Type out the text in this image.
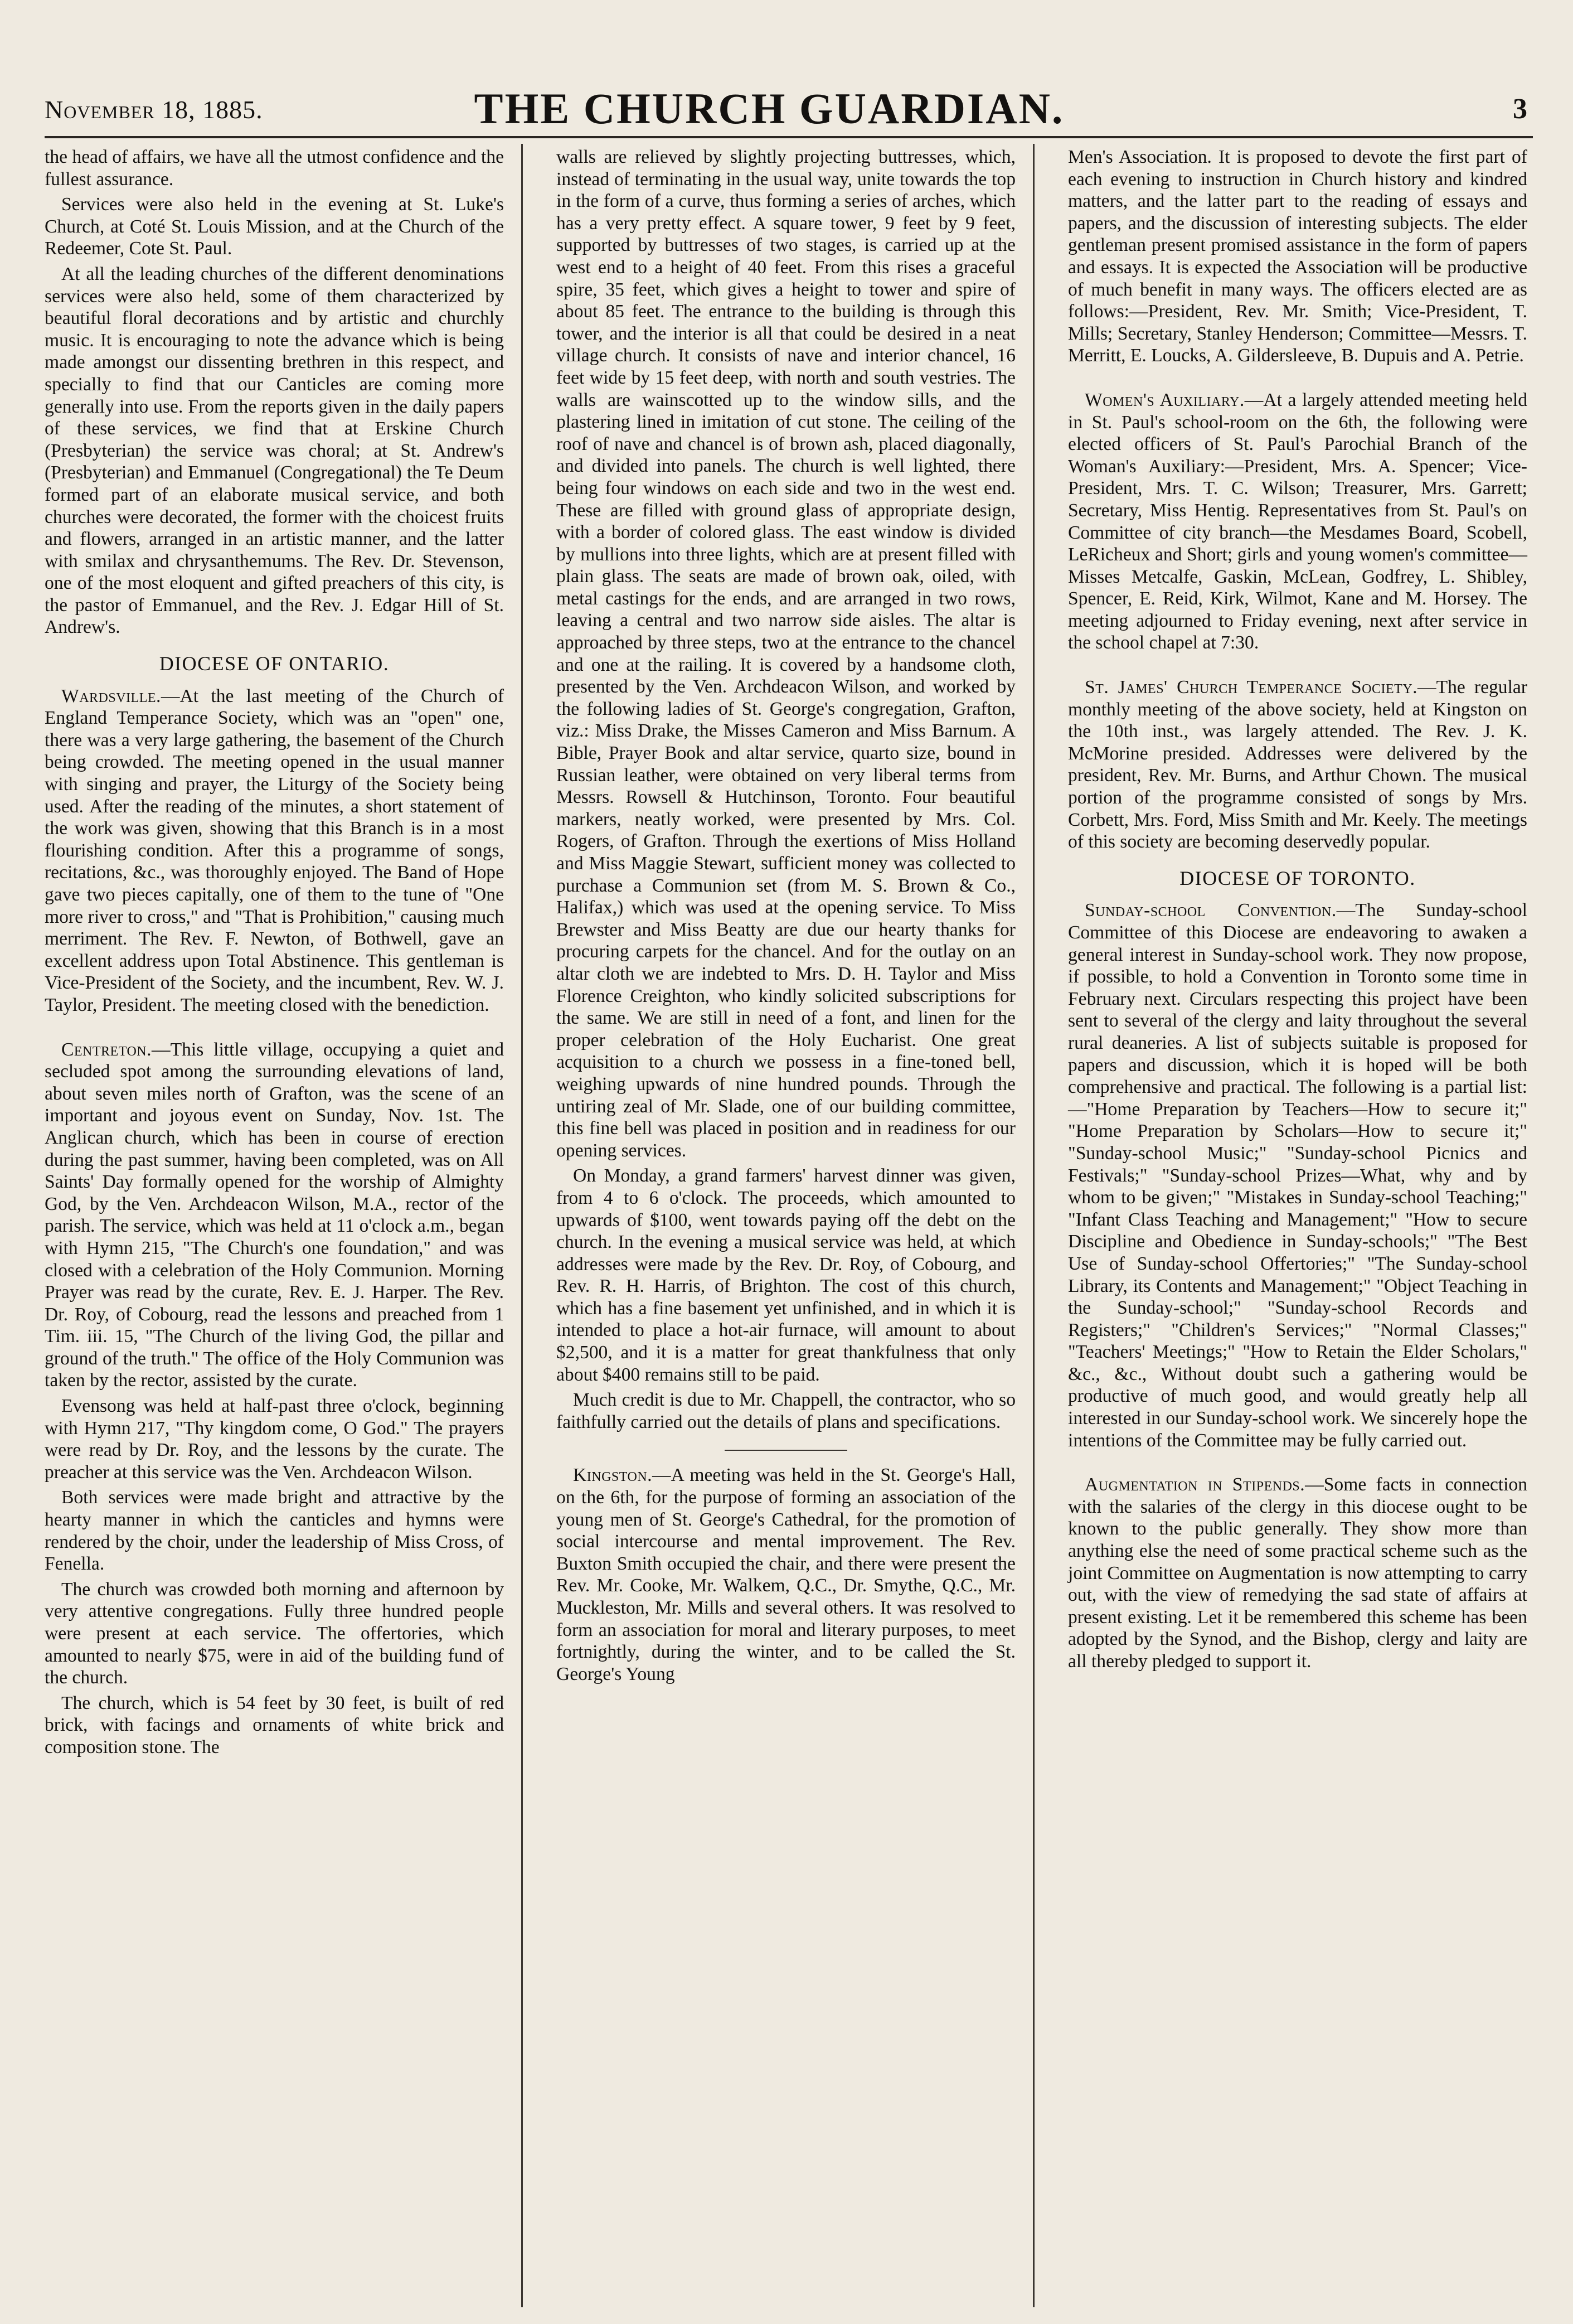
November 18, 1885.	THE CHURCH GUARDIAN.	3

the head of affairs, we have all the utmost confidence and the fullest assurance.

Services were also held in the evening at St. Luke's Church, at Coté St. Louis Mission, and at the Church of the Redeemer, Cote St. Paul.

At all the leading churches of the different denominations services were also held, some of them characterized by beautiful floral decorations and by artistic and churchly music. It is encouraging to note the advance which is being made amongst our dissenting brethren in this respect, and specially to find that our Canticles are coming more generally into use. From the reports given in the daily papers of these services, we find that at Erskine Church (Presbyterian) the service was choral; at St. Andrew's (Presbyterian) and Emmanuel (Congregational) the Te Deum formed part of an elaborate musical service, and both churches were decorated, the former with the choicest fruits and flowers, arranged in an artistic manner, and the latter with smilax and chrysanthemums. The Rev. Dr. Stevenson, one of the most eloquent and gifted preachers of this city, is the pastor of Emmanuel, and the Rev. J. Edgar Hill of St. Andrew's.

DIOCESE OF ONTARIO.

Wardsville.—At the last meeting of the Church of England Temperance Society, which was an "open" one, there was a very large gathering, the basement of the Church being crowded. The meeting opened in the usual manner with singing and prayer, the Liturgy of the Society being used. After the reading of the minutes, a short statement of the work was given, showing that this Branch is in a most flourishing condition. After this a programme of songs, recitations, &c., was thoroughly enjoyed. The Band of Hope gave two pieces capitally, one of them to the tune of "One more river to cross," and "That is Prohibition," causing much merriment. The Rev. F. Newton, of Bothwell, gave an excellent address upon Total Abstinence. This gentleman is Vice-President of the Society, and the incumbent, Rev. W. J. Taylor, President. The meeting closed with the benediction.

Centreton.—This little village, occupying a quiet and secluded spot among the surrounding elevations of land, about seven miles north of Grafton, was the scene of an important and joyous event on Sunday, Nov. 1st. The Anglican church, which has been in course of erection during the past summer, having been completed, was on All Saints' Day formally opened for the worship of Almighty God, by the Ven. Archdeacon Wilson, M.A., rector of the parish. The service, which was held at 11 o'clock a.m., began with Hymn 215, "The Church's one foundation," and was closed with a celebration of the Holy Communion. Morning Prayer was read by the curate, Rev. E. J. Harper. The Rev. Dr. Roy, of Cobourg, read the lessons and preached from 1 Tim. iii. 15, "The Church of the living God, the pillar and ground of the truth." The office of the Holy Communion was taken by the rector, assisted by the curate.

Evensong was held at half-past three o'clock, beginning with Hymn 217, "Thy kingdom come, O God." The prayers were read by Dr. Roy, and the lessons by the curate. The preacher at this service was the Ven. Archdeacon Wilson.

Both services were made bright and attractive by the hearty manner in which the canticles and hymns were rendered by the choir, under the leadership of Miss Cross, of Fenella.

The church was crowded both morning and afternoon by very attentive congregations. Fully three hundred people were present at each service. The offertories, which amounted to nearly $75, were in aid of the building fund of the church.

The church, which is 54 feet by 30 feet, is built of red brick, with facings and ornaments of white brick and composition stone. The

walls are relieved by slightly projecting buttresses, which, instead of terminating in the usual way, unite towards the top in the form of a curve, thus forming a series of arches, which has a very pretty effect. A square tower, 9 feet by 9 feet, supported by buttresses of two stages, is carried up at the west end to a height of 40 feet. From this rises a graceful spire, 35 feet, which gives a height to tower and spire of about 85 feet. The entrance to the building is through this tower, and the interior is all that could be desired in a neat village church. It consists of nave and interior chancel, 16 feet wide by 15 feet deep, with north and south vestries. The walls are wainscotted up to the window sills, and the plastering lined in imitation of cut stone. The ceiling of the roof of nave and chancel is of brown ash, placed diagonally, and divided into panels. The church is well lighted, there being four windows on each side and two in the west end. These are filled with ground glass of appropriate design, with a border of colored glass. The east window is divided by mullions into three lights, which are at present filled with plain glass. The seats are made of brown oak, oiled, with metal castings for the ends, and are arranged in two rows, leaving a central and two narrow side aisles. The altar is approached by three steps, two at the entrance to the chancel and one at the railing. It is covered by a handsome cloth, presented by the Ven. Archdeacon Wilson, and worked by the following ladies of St. George's congregation, Grafton, viz.: Miss Drake, the Misses Cameron and Miss Barnum. A Bible, Prayer Book and altar service, quarto size, bound in Russian leather, were obtained on very liberal terms from Messrs. Rowsell & Hutchinson, Toronto. Four beautiful markers, neatly worked, were presented by Mrs. Col. Rogers, of Grafton. Through the exertions of Miss Holland and Miss Maggie Stewart, sufficient money was collected to purchase a Communion set (from M. S. Brown & Co., Halifax,) which was used at the opening service. To Miss Brewster and Miss Beatty are due our hearty thanks for procuring carpets for the chancel. And for the outlay on an altar cloth we are indebted to Mrs. D. H. Taylor and Miss Florence Creighton, who kindly solicited subscriptions for the same. We are still in need of a font, and linen for the proper celebration of the Holy Eucharist. One great acquisition to a church we possess in a fine-toned bell, weighing upwards of nine hundred pounds. Through the untiring zeal of Mr. Slade, one of our building committee, this fine bell was placed in position and in readiness for our opening services.

On Monday, a grand farmers' harvest dinner was given, from 4 to 6 o'clock. The proceeds, which amounted to upwards of $100, went towards paying off the debt on the church. In the evening a musical service was held, at which addresses were made by the Rev. Dr. Roy, of Cobourg, and Rev. R. H. Harris, of Brighton. The cost of this church, which has a fine basement yet unfinished, and in which it is intended to place a hot-air furnace, will amount to about $2,500, and it is a matter for great thankfulness that only about $400 remains still to be paid.

Much credit is due to Mr. Chappell, the contractor, who so faithfully carried out the details of plans and specifications.

Kingston.—A meeting was held in the St. George's Hall, on the 6th, for the purpose of forming an association of the young men of St. George's Cathedral, for the promotion of social intercourse and mental improvement. The Rev. Buxton Smith occupied the chair, and there were present the Rev. Mr. Cooke, Mr. Walkem, Q.C., Dr. Smythe, Q.C., Mr. Muckleston, Mr. Mills and several others. It was resolved to form an association for moral and literary purposes, to meet fortnightly, during the winter, and to be called the St. George's Young

Men's Association. It is proposed to devote the first part of each evening to instruction in Church history and kindred matters, and the latter part to the reading of essays and papers, and the discussion of interesting subjects. The elder gentleman present promised assistance in the form of papers and essays. It is expected the Association will be productive of much benefit in many ways. The officers elected are as follows:—President, Rev. Mr. Smith; Vice-President, T. Mills; Secretary, Stanley Henderson; Committee—Messrs. T. Merritt, E. Loucks, A. Gildersleeve, B. Dupuis and A. Petrie.

Women's Auxiliary.—At a largely attended meeting held in St. Paul's school-room on the 6th, the following were elected officers of St. Paul's Parochial Branch of the Woman's Auxiliary:—President, Mrs. A. Spencer; Vice-President, Mrs. T. C. Wilson; Treasurer, Mrs. Garrett; Secretary, Miss Hentig. Representatives from St. Paul's on Committee of city branch—the Mesdames Board, Scobell, LeRicheux and Short; girls and young women's committee—Misses Metcalfe, Gaskin, McLean, Godfrey, L. Shibley, Spencer, E. Reid, Kirk, Wilmot, Kane and M. Horsey. The meeting adjourned to Friday evening, next after service in the school chapel at 7:30.

St. James' Church Temperance Society.—The regular monthly meeting of the above society, held at Kingston on the 10th inst., was largely attended. The Rev. J. K. McMorine presided. Addresses were delivered by the president, Rev. Mr. Burns, and Arthur Chown. The musical portion of the programme consisted of songs by Mrs. Corbett, Mrs. Ford, Miss Smith and Mr. Keely. The meetings of this society are becoming deservedly popular.

DIOCESE OF TORONTO.

Sunday-school Convention.—The Sunday-school Committee of this Diocese are endeavoring to awaken a general interest in Sunday-school work. They now propose, if possible, to hold a Convention in Toronto some time in February next. Circulars respecting this project have been sent to several of the clergy and laity throughout the several rural deaneries. A list of subjects suitable is proposed for papers and discussion, which it is hoped will be both comprehensive and practical. The following is a partial list:—"Home Preparation by Teachers—How to secure it;" "Home Preparation by Scholars—How to secure it;" "Sunday-school Music;" "Sunday-school Picnics and Festivals;" "Sunday-school Prizes—What, why and by whom to be given;" "Mistakes in Sunday-school Teaching;" "Infant Class Teaching and Management;" "How to secure Discipline and Obedience in Sunday-schools;" "The Best Use of Sunday-school Offertories;" "The Sunday-school Library, its Contents and Management;" "Object Teaching in the Sunday-school;" "Sunday-school Records and Registers;" "Children's Services;" "Normal Classes;" "Teachers' Meetings;" "How to Retain the Elder Scholars," &c., &c., Without doubt such a gathering would be productive of much good, and would greatly help all interested in our Sunday-school work. We sincerely hope the intentions of the Committee may be fully carried out.

Augmentation in Stipends.—Some facts in connection with the salaries of the clergy in this diocese ought to be known to the public generally. They show more than anything else the need of some practical scheme such as the joint Committee on Augmentation is now attempting to carry out, with the view of remedying the sad state of affairs at present existing. Let it be remembered this scheme has been adopted by the Synod, and the Bishop, clergy and laity are all thereby pledged to support it.
